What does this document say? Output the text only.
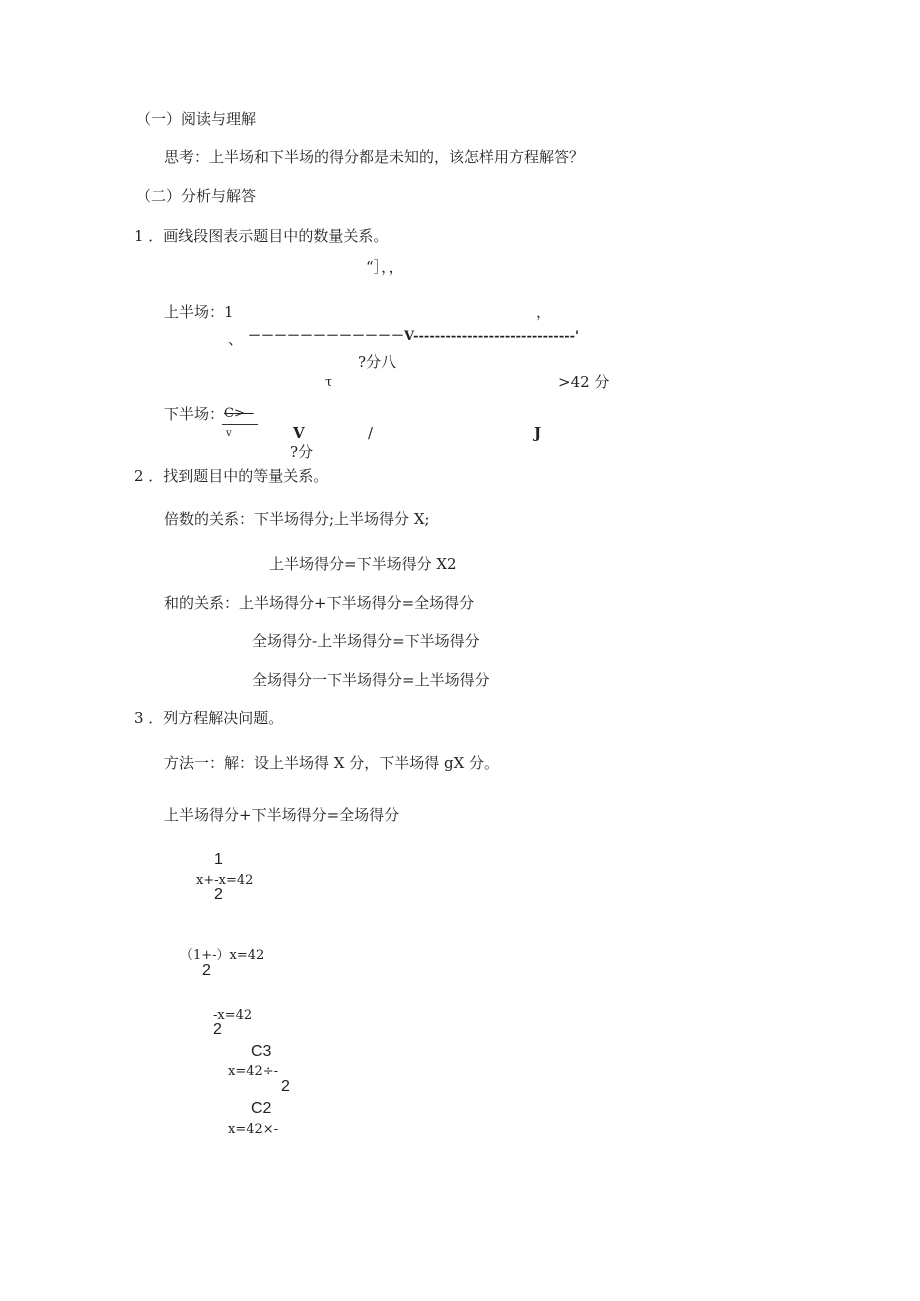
（一）阅读与理解
思考：上半场和下半场的得分都是未知的，该怎样用方程解答？
（二）分析与解答
1 ．画线段图表示题目中的数量关系。
“］，，
上半场：1	，
、 －－－－－－－－－－－－V------------------------------'
?分八
τ	>42 分
下半场： C>--
v	V	/	J
?分
2 ．找到题目中的等量关系。
倍数的关系：下半场得分;上半场得分 X;
上半场得分=下半场得分 X2
和的关系：上半场得分+下半场得分=全场得分
全场得分-上半场得分=下半场得分
全场得分一下半场得分=上半场得分
3 ．列方程解决问题。
方法一：解：设上半场得 X 分，下半场得 gX 分。
上半场得分+下半场得分=全场得分
1
x+-x=42
2
（1+-）x=42
2
-x=42
2
C3
x=42÷-
2
C2
x=42×-
